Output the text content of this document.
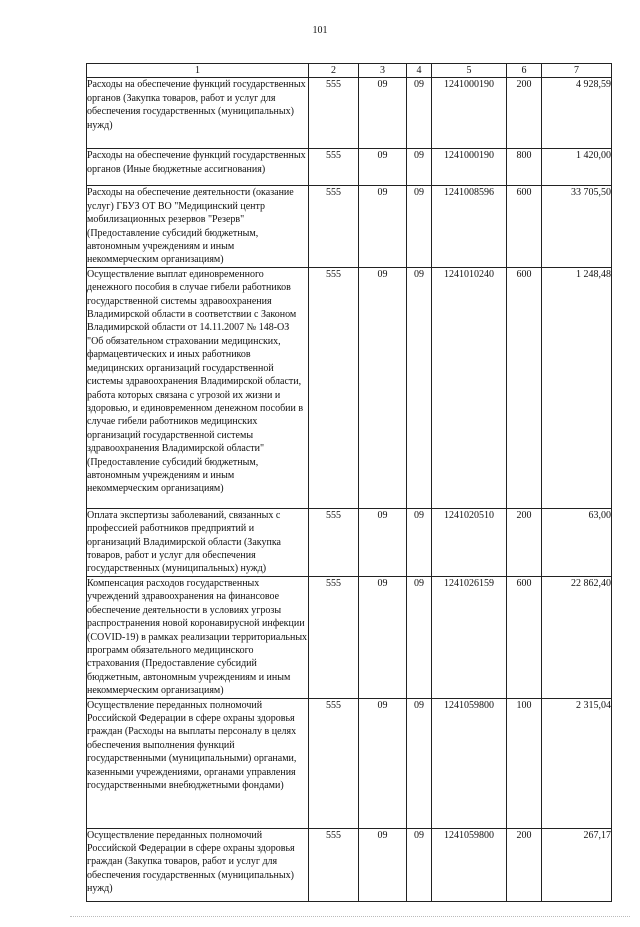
101
1	2	3	4	5	6	7
Расходы на обеспечение функций государственных органов (Закупка товаров, работ и услуг для обеспечения государственных (муниципальных) нужд)	555	09	09	1241000190	200	4 928,59
Расходы на обеспечение функций государственных органов (Иные бюджетные ассигнования)	555	09	09	1241000190	800	1 420,00
Расходы на обеспечение деятельности (оказание услуг) ГБУЗ ОТ ВО "Медицинский центр мобилизационных резервов "Резерв" (Предоставление субсидий бюджетным, автономным учреждениям и иным некоммерческим организациям)	555	09	09	1241008596	600	33 705,50
Осуществление выплат единовременного денежного пособия в случае гибели работников государственной системы здравоохранения Владимирской области в соответствии с Законом Владимирской области от 14.11.2007 № 148-ОЗ "Об обязательном страховании медицинских, фармацевтических и иных работников медицинских организаций государственной системы здравоохранения Владимирской области, работа которых связана с угрозой их жизни и здоровью, и единовременном денежном пособии в случае гибели работников медицинских организаций государственной системы здравоохранения Владимирской области" (Предоставление субсидий бюджетным, автономным учреждениям и иным некоммерческим организациям)	555	09	09	1241010240	600	1 248,48
Оплата экспертизы заболеваний, связанных с профессией работников предприятий и организаций Владимирской области (Закупка товаров, работ и услуг для обеспечения государственных (муниципальных) нужд)	555	09	09	1241020510	200	63,00
Компенсация расходов государственных учреждений здравоохранения на финансовое обеспечение деятельности в условиях угрозы распространения новой коронавирусной инфекции (COVID-19) в рамках реализации территориальных программ обязательного медицинского страхования (Предоставление субсидий бюджетным, автономным учреждениям и иным некоммерческим организациям)	555	09	09	1241026159	600	22 862,40
Осуществление переданных полномочий Российской Федерации в сфере охраны здоровья граждан (Расходы на выплаты персоналу в целях обеспечения выполнения функций государственными (муниципальными) органами, казенными учреждениями, органами управления государственными внебюджетными фондами)	555	09	09	1241059800	100	2 315,04
Осуществление переданных полномочий Российской Федерации в сфере охраны здоровья граждан (Закупка товаров, работ и услуг для обеспечения государственных (муниципальных) нужд)	555	09	09	1241059800	200	267,17
